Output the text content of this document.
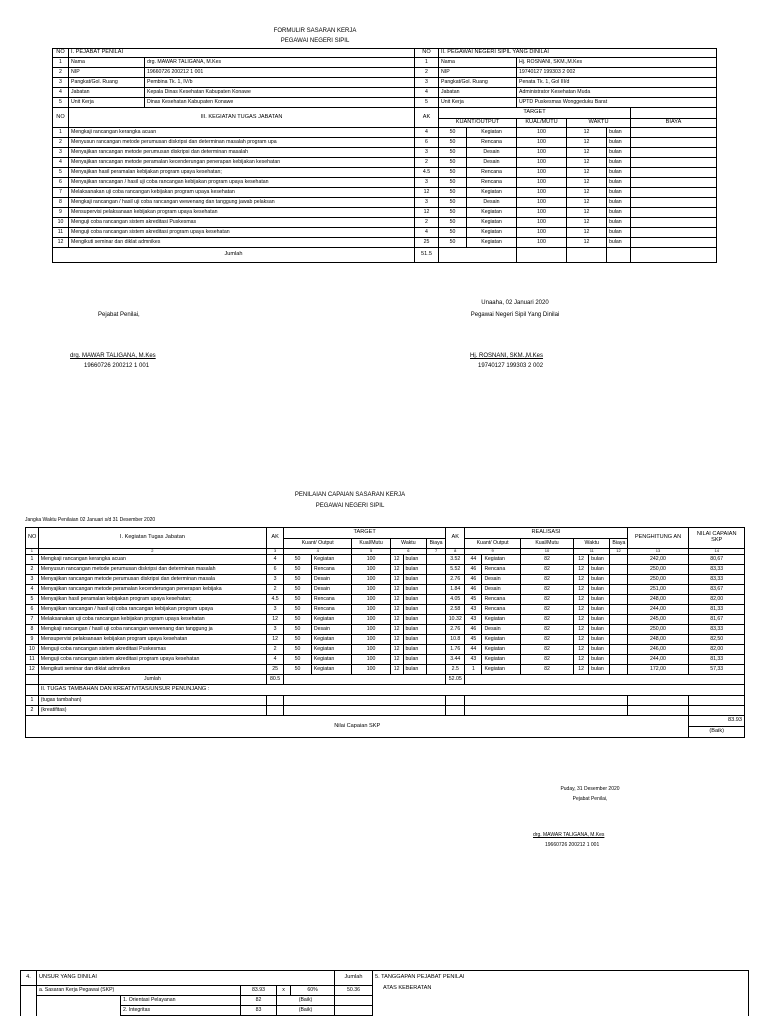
FORMULIR SASARAN KERJA
PEGAWAI NEGERI SIPIL
NO	I. PEJABAT PENILAI		NO	II. PEGAWAI NEGERI SIPIL YANG DINILAI					
1	Nama	drg. MAWAR TALIGANA, M.Kes	1	Nama		Hj. ROSNANI, SKM.,M.Kes			
2	NIP	19660726 200212 1 001	2	NIP		19740127 199303 2 002			
3	Pangkat/Gol. Ruang	Pembina Tk. 1, IV/b	3	Pangkat/Gol. Ruang		Penata Tk. 1, Gol III/d			
4	Jabatan	Kepala Dinas Kesehatan Kabupaten Konawe	4	Jabatan		Administrator Kesehatan Muda			
5	Unit Kerja	Dinas Kesehatan Kabupaten Konawe	5	Unit Kerja		UPTD Puskesmas Wonggeduku Barat			
NO	III. KEGIATAN TUGAS JABATAN		AK	TARGET					
				KUANT/OUTPUT		KUAL/MUTU	WAKTU		BIAYA
1	Mengkaji rancangan kerangka acuan		4	50	Kegiatan	100	12	bulan	
2	Menyusun rancangan metode perumusan diskripsi dan determinan masalah program upa		6	50	Rencana	100	12	bulan	
3	Menyajikan rancangan metode perumusan diskripsi dan determinan masalah		3	50	Desain	100	12	bulan	
4	Menyajikan rancangan metode peramalan kecenderungan penerapan kebijakan kesehatan		2	50	Desain	100	12	bulan	
5	Menyajikan hasil peramalan kebijakan program upaya kesehatan;		4.5	50	Rencana	100	12	bulan	
6	Menyajikan rancangan / hasil uji coba rancangan kebijakan program upaya kesehatan		3	50	Rencana	100	12	bulan	
7	Melaksanakan uji coba rancangan kebijakan program upaya kesehatan		12	50	Kegiatan	100	12	bulan	
8	Mengkaji rancangan / hasil uji coba rancangan wewenang dan tanggung jawab pelaksan		3	50	Desain	100	12	bulan	
9	Mensupervisi pelaksanaan kebijakan program upaya kesehatan		12	50	Kegiatan	100	12	bulan	
10	Menguji coba rancangan sistem akreditasi Puskesmas		2	50	Kegiatan	100	12	bulan	
11	Menguji coba rancangan sistem akreditasi program upaya kesehatan		4	50	Kegiatan	100	12	bulan	
12	Mengikuti seminar dan diklat admnikes		25	50	Kegiatan	100	12	bulan	
Jumlah			51.5						
Unaaha, 02 Januari 2020
Pejabat Penilai,	Pegawai Negeri Sipil Yang Dinilai
drg. MAWAR TALIGANA, M.Kes
19660726 200212 1 001
Hj. ROSNANI, SKM.,M.Kes
19740127 199303 2 002
PENILAIAN CAPAIAN SASARAN KERJA
PEGAWAI NEGERI SIPIL
Jangka Waktu Penilaian 02 Januari s/d 31 Desember 2020
NO	I. Kegiatan Tugas Jabatan	AK	TARGET						AK	REALISASI						PENGHITUNG AN	NILAI CAPAIAN SKP
			Kuant/ Output		Kual/Mutu	Waktu		Biaya		Kuant/ Output		Kual/Mutu	Waktu		Biaya		
1	2	3	4		5	6		7	8	9		10	11		12	13	14
1	Mengkaji rancangan kerangka acuan	4	50	Kegiatan	100	12	bulan		3.52	44	Kegiatan	82	12	bulan		242,00	80,67
2	Menyusun rancangan metode perumusan diskripsi dan determinan masalah	6	50	Rencana	100	12	bulan		5.52	46	Rencana	82	12	bulan		250,00	83,33
3	Menyajikan rancangan metode perumusan diskripsi dan determinan masala	3	50	Desain	100	12	bulan		2.76	46	Desain	82	12	bulan		250,00	83,33
4	Menyajikan rancangan metode peramalan kecenderungan penerapan kebijaka	2	50	Desain	100	12	bulan		1.84	46	Desain	82	12	bulan		251,00	83,67
5	Menyajikan hasil peramalan kebijakan program upaya kesehatan;	4.5	50	Rencana	100	12	bulan		4.05	45	Rencana	82	12	bulan		248,00	82,00
6	Menyajikan rancangan / hasil uji coba rancangan kebijakan program upaya	3	50	Rencana	100	12	bulan		2.58	43	Rencana	82	12	bulan		244,00	81,33
7	Melaksanakan uji coba rancangan kebijakan program upaya kesehatan	12	50	Kegiatan	100	12	bulan		10.32	43	Kegiatan	82	12	bulan		245,00	81,67
8	Mengkaji rancangan / hasil uji coba rancangan wewenang dan tanggung ja	3	50	Desain	100	12	bulan		2.76	46	Desain	82	12	bulan		250,00	83,33
9	Mensupervisi pelaksanaan kebijakan program upaya kesehatan	12	50	Kegiatan	100	12	bulan		10.8	45	Kegiatan	82	12	bulan		248,00	82,50
10	Menguji coba rancangan sistem akreditasi Puskesmas	2	50	Kegiatan	100	12	bulan		1.76	44	Kegiatan	82	12	bulan		246,00	82,00
11	Menguji coba rancangan sistem akreditasi program upaya kesehatan	4	50	Kegiatan	100	12	bulan		3.44	43	Kegiatan	82	12	bulan		244,00	81,33
12	Mengikuti seminar dan diklat admnikes	25	50	Kegiatan	100	12	bulan		2.5	1	Kegiatan	82	12	bulan		172,00	57,33
	Jumlah	80.5							52.05								
	II. TUGAS TAMBAHAN DAN KREATIVITAS/UNSUR PENUNJANG :																
1	(tugas tambahan)																
2	(kreatifitas)																
Nilai Capaian SKP																	83.93
																	(Baik)
Puday, 31 Desember 2020
Pejabat Penilai,
drg. MAWAR TALIGANA, M.Kes
19660726 200212 1 001
4.	UNSUR YANG DINILAI					Jumlah	5. TANGGAPAN PEJABAT PENILAI
ATAS KEBERATAN

	a. Sasaran Kerja Pegawai (SKP)		83.93	x	60%	50.36	
		1. Orientasi Pelayanan	82	(Baik)			
		2. Integritas	83	(Baik)			
